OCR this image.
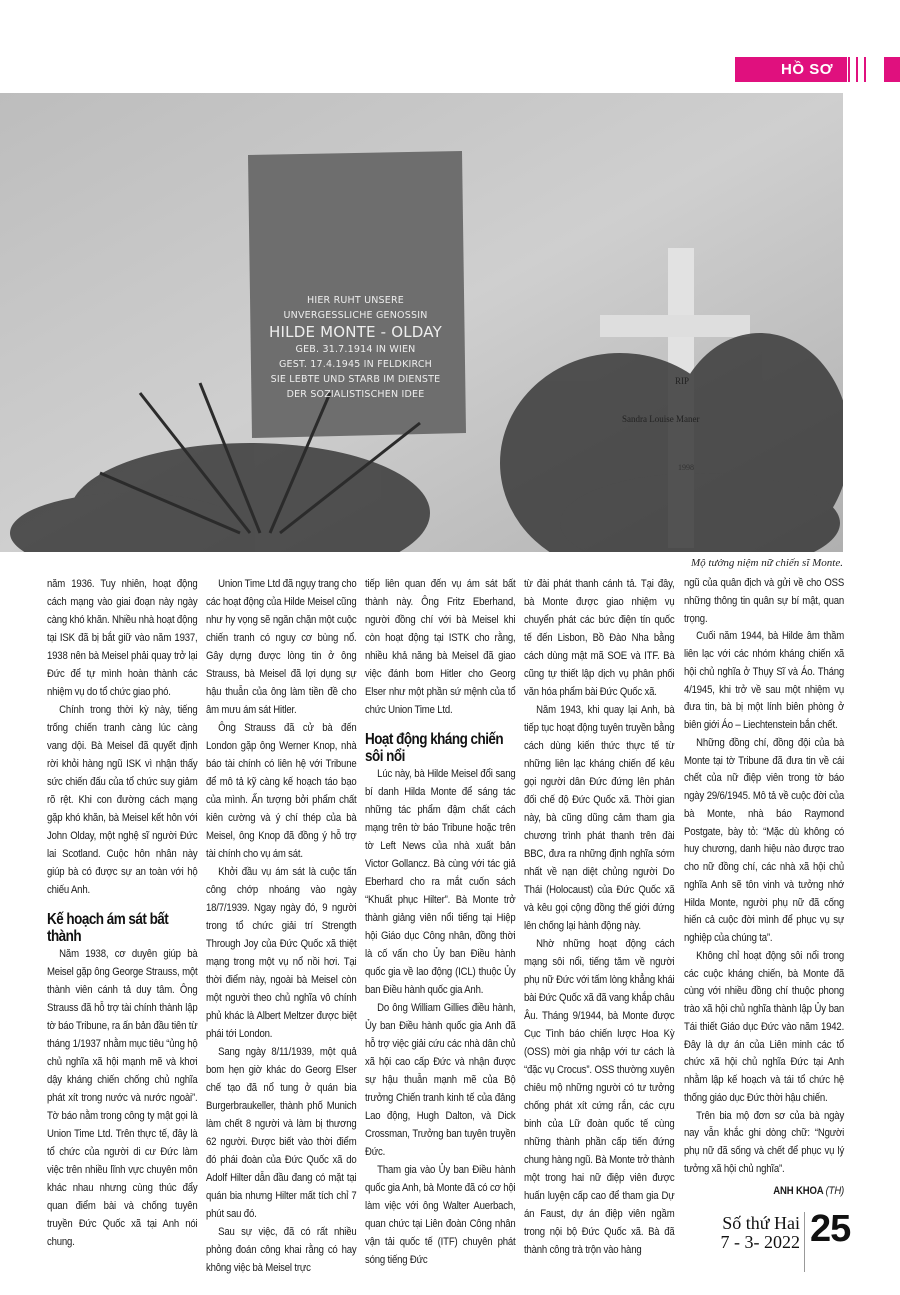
HỒ SƠ
HIER RUHT UNSERE
UNVERGESSLICHE GENOSSIN
HILDE MONTE - OLDAY
GEB. 31.7.1914 IN WIEN
GEST. 17.4.1945 IN FELDKIRCH
SIE LEBTE UND STARB IM DIENSTE
DER SOZIALISTISCHEN IDEE
RIP
Sandra Louise Maner
1998
Mộ tưởng niệm nữ chiến sĩ Monte.

năm 1936. Tuy nhiên, hoạt động cách mạng vào giai đoạn này ngày càng khó khăn. Nhiều nhà hoạt động tại ISK đã bị bắt giữ vào năm 1937, 1938 nên bà Meisel phải quay trở lại Đức để tự mình hoàn thành các nhiệm vụ do tổ chức giao phó.

Chính trong thời kỳ này, tiếng trống chiến tranh càng lúc càng vang dội. Bà Meisel đã quyết định rời khỏi hàng ngũ ISK vì nhận thấy sức chiến đấu của tổ chức suy giảm rõ rệt. Khi con đường cách mạng gặp khó khăn, bà Meisel kết hôn với John Olday, một nghệ sĩ người Đức lai Scotland. Cuộc hôn nhân này giúp bà có được sự an toàn với hộ chiếu Anh.

Kế hoạch ám sát bất thành

Năm 1938, cơ duyên giúp bà Meisel gặp ông George Strauss, một thành viên cánh tả duy tâm. Ông Strauss đã hỗ trợ tài chính thành lập tờ báo Tribune, ra ấn bản đầu tiên từ tháng 1/1937 nhằm mục tiêu “ủng hộ chủ nghĩa xã hội mạnh mẽ và khơi dậy kháng chiến chống chủ nghĩa phát xít trong nước và nước ngoài”. Tờ báo nằm trong công ty mật gọi là Union Time Ltd. Trên thực tế, đây là tổ chức của người di cư Đức làm việc trên nhiều lĩnh vực chuyên môn khác nhau nhưng cùng thúc đẩy quan điểm bài và chống tuyên truyền Đức Quốc xã tại Anh nói chung.

Union Time Ltd đã ngụy trang cho các hoạt động của Hilde Meisel cũng như hy vọng sẽ ngăn chặn một cuộc chiến tranh có nguy cơ bùng nổ. Gây dựng được lòng tin ở ông Strauss, bà Meisel đã lợi dụng sự hậu thuẫn của ông làm tiền đề cho âm mưu ám sát Hitler.

Ông Strauss đã cử bà đến London gặp ông Werner Knop, nhà báo tài chính có liên hệ với Tribune để mô tả kỹ càng kế hoạch táo bạo của mình. Ấn tượng bởi phẩm chất kiên cường và ý chí thép của bà Meisel, ông Knop đã đồng ý hỗ trợ tài chính cho vụ ám sát.

Khởi đầu vụ ám sát là cuộc tấn công chớp nhoáng vào ngày 18/7/1939. Ngay ngày đó, 9 người trong tổ chức giải trí Strength Through Joy của Đức Quốc xã thiệt mạng trong một vụ nổ nồi hơi. Tại thời điểm này, ngoài bà Meisel còn một người theo chủ nghĩa vô chính phủ khác là Albert Meltzer được biệt phái tới London.

Sang ngày 8/11/1939, một quả bom hẹn giờ khác do Georg Elser chế tạo đã nổ tung ở quán bia Burgerbraukeller, thành phố Munich làm chết 8 người và làm bị thương 62 người. Được biết vào thời điểm đó phái đoàn của Đức Quốc xã do Adolf Hilter dẫn đầu đang có mặt tại quán bia nhưng Hilter mất tích chỉ 7 phút sau đó.

Sau sự việc, đã có rất nhiều phỏng đoán công khai rằng có hay không việc bà Meisel trực

tiếp liên quan đến vụ ám sát bất thành này. Ông Fritz Eberhand, người đồng chí với bà Meisel khi còn hoạt động tại ISTK cho rằng, nhiều khả năng bà Meisel đã giao việc đánh bom Hitler cho Georg Elser như một phần sứ mệnh của tổ chức Union Time Ltd.

Hoạt động kháng chiến sôi nổi

Lúc này, bà Hilde Meisel đổi sang bí danh Hilda Monte để sáng tác những tác phẩm đậm chất cách mạng trên tờ báo Tribune hoặc trên tờ Left News của nhà xuất bản Victor Gollancz. Bà cùng với tác giả Eberhard cho ra mắt cuốn sách “Khuất phục Hilter”. Bà Monte trở thành giảng viên nổi tiếng tại Hiệp hội Giáo dục Công nhân, đồng thời là cố vấn cho Ủy ban Điều hành quốc gia về lao động (ICL) thuộc Ủy ban Điều hành quốc gia Anh.

Do ông William Gillies điều hành, Ủy ban Điều hành quốc gia Anh đã hỗ trợ việc giải cứu các nhà dân chủ xã hội cao cấp Đức và nhận được sự hậu thuẫn mạnh mẽ của Bộ trưởng Chiến tranh kinh tế của đảng Lao động, Hugh Dalton, và Dick Crossman, Trưởng ban tuyên truyền Đức.

Tham gia vào Ủy ban Điều hành quốc gia Anh, bà Monte đã có cơ hội làm việc với ông Walter Auerbach, quan chức tại Liên đoàn Công nhân vận tải quốc tế (ITF) chuyên phát sóng tiếng Đức

từ đài phát thanh cánh tả. Tại đây, bà Monte được giao nhiệm vụ chuyển phát các bức điện tín quốc tế đến Lisbon, Bồ Đào Nha bằng cách dùng mật mã SOE và ITF. Bà cũng tự thiết lập dịch vụ phân phối văn hóa phẩm bài Đức Quốc xã.

Năm 1943, khi quay lại Anh, bà tiếp tục hoạt động tuyên truyền bằng cách dùng kiến thức thực tế từ những liên lạc kháng chiến để kêu gọi người dân Đức đứng lên phản đối chế độ Đức Quốc xã. Thời gian này, bà cũng dũng cảm tham gia chương trình phát thanh trên đài BBC, đưa ra những định nghĩa sớm nhất về nạn diệt chủng người Do Thái (Holocaust) của Đức Quốc xã và kêu gọi cộng đồng thế giới đứng lên chống lại hành động này.

Nhờ những hoạt động cách mạng sôi nổi, tiếng tăm về người phụ nữ Đức với tấm lòng khẳng khái bài Đức Quốc xã đã vang khắp châu Âu. Tháng 9/1944, bà Monte được Cục Tình báo chiến lược Hoa Kỳ (OSS) mời gia nhập với tư cách là “đặc vụ Crocus”. OSS thường xuyên chiêu mộ những người có tư tưởng chống phát xít cứng rắn, các cựu binh của Lữ đoàn quốc tế cùng những thành phần cấp tiến đứng chung hàng ngũ. Bà Monte trở thành một trong hai nữ điệp viên được huấn luyện cấp cao để tham gia Dự án Faust, dự án điệp viên ngầm trong nội bộ Đức Quốc xã. Bà đã thành công trà trộn vào hàng

ngũ của quân địch và gửi về cho OSS những thông tin quân sự bí mật, quan trọng.

Cuối năm 1944, bà Hilde âm thầm liên lạc với các nhóm kháng chiến xã hội chủ nghĩa ở Thụy Sĩ và Áo. Tháng 4/1945, khi trở về sau một nhiệm vụ đưa tin, bà bị một lính biên phòng ở biên giới Áo – Liechtenstein bắn chết.

Những đồng chí, đồng đội của bà Monte tại tờ Tribune đã đưa tin về cái chết của nữ điệp viên trong tờ báo ngày 29/6/1945. Mô tả về cuộc đời của bà Monte, nhà báo Raymond Postgate, bày tỏ: “Mặc dù không có huy chương, danh hiệu nào được trao cho nữ đồng chí, các nhà xã hội chủ nghĩa Anh sẽ tôn vinh và tưởng nhớ Hilda Monte, người phụ nữ đã cống hiến cả cuộc đời mình để phục vụ sự nghiệp của chúng ta”.

Không chỉ hoạt động sôi nổi trong các cuộc kháng chiến, bà Monte đã cùng với nhiều đồng chí thuộc phong trào xã hội chủ nghĩa thành lập Ủy ban Tái thiết Giáo dục Đức vào năm 1942. Đây là dự án của Liên minh các tổ chức xã hội chủ nghĩa Đức tại Anh nhằm lập kế hoạch và tái tổ chức hệ thống giáo dục Đức thời hậu chiến.

Trên bia mộ đơn sơ của bà ngày nay vẫn khắc ghi dòng chữ: “Người phụ nữ đã sống và chết để phục vụ lý tưởng xã hội chủ nghĩa”.

ANH KHOA (TH)
Số thứ Hai
7 - 3- 2022 25
